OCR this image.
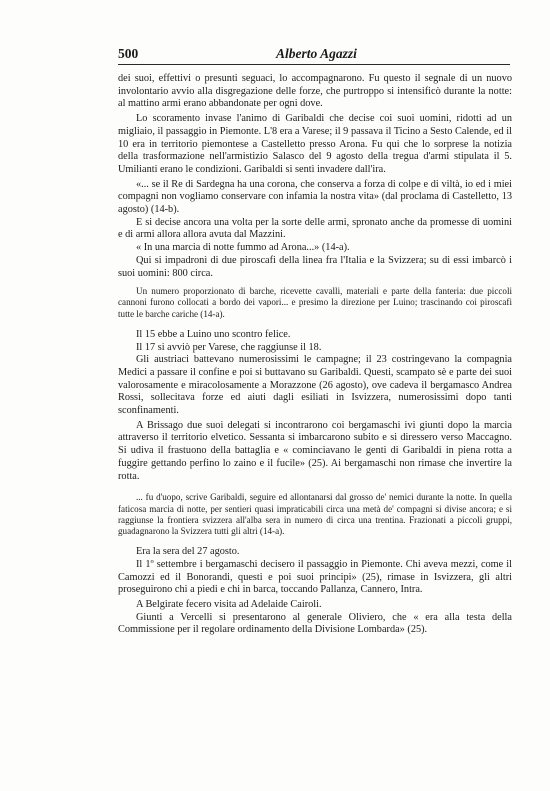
500	Alberto Agazzi

dei suoi, effettivi o presunti seguaci, lo accompagnarono. Fu questo il segnale di un nuovo involontario avvio alla disgregazione delle forze, che purtroppo si intensificò durante la notte: al mattino armi erano abbandonate per ogni dove.

Lo scoramento invase l'animo di Garibaldi che decise coi suoi uomini, ridotti ad un migliaio, il passaggio in Piemonte. L'8 era a Varese; il 9 passava il Ticino a Sesto Calende, ed il 10 era in territorio piemontese a Castelletto presso Arona. Fu qui che lo sorprese la notizia della trasformazione nell'armistizio Salasco del 9 agosto della tregua d'armi stipulata il 5. Umilianti erano le condizioni. Garibaldi si sentì invadere dall'ira.

«... se il Re di Sardegna ha una corona, che conserva a forza di colpe e di viltà, io ed i miei compagni non vogliamo conservare con infamia la nostra vita» (dal proclama di Castelletto, 13 agosto) (14-b).

E si decise ancora una volta per la sorte delle armi, spronato anche da promesse di uomini e di armi allora allora avuta dal Mazzini.

« In una marcia di notte fummo ad Arona...» (14-a).

Qui si impadronì di due piroscafi della linea fra l'Italia e la Svizzera; su di essi imbarcò i suoi uomini: 800 circa.

Un numero proporzionato di barche, ricevette cavalli, materiali e parte della fanteria: due piccoli cannoni furono collocati a bordo dei vapori... e presimo la direzione per Luino; trascinando coi piroscafi tutte le barche cariche (14-a).

Il 15 ebbe a Luino uno scontro felice.

Il 17 si avviò per Varese, che raggiunse il 18.

Gli austriaci battevano numerosissimi le campagne; il 23 costringevano la compagnia Medici a passare il confine e poi si buttavano su Garibaldi. Questi, scampato sè e parte dei suoi valorosamente e miracolosamente a Morazzone (26 agosto), ove cadeva il bergamasco Andrea Rossi, sollecitava forze ed aiuti dagli esiliati in Isvizzera, numerosissimi dopo tanti sconfinamenti.

A Brissago due suoi delegati si incontrarono coi bergamaschi ivi giunti dopo la marcia attraverso il territorio elvetico. Sessanta si imbarcarono subito e si diressero verso Maccagno. Si udiva il frastuono della battaglia e « cominciavano le genti di Garibaldi in piena rotta a fuggire gettando perfino lo zaino e il fucile» (25). Ai bergamaschi non rimase che invertire la rotta.

... fu d'uopo, scrive Garibaldi, seguire ed allontanarsi dal grosso de' nemici durante la notte. In quella faticosa marcia di notte, per sentieri quasi impraticabili circa una metà de' compagni si divise ancora; e si raggiunse la frontiera svizzera all'alba sera in numero di circa una trentina. Frazionati a piccoli gruppi, guadagnarono la Svizzera tutti gli altri (14-a).

Era la sera del 27 agosto.

Il 1º settembre i bergamaschi decisero il passaggio in Piemonte. Chi aveva mezzi, come il Camozzi ed il Bonorandi, questi e poi suoi principi» (25), rimase in Isvizzera, gli altri proseguirono chi a piedi e chi in barca, toccando Pallanza, Cannero, Intra.

A Belgirate fecero visita ad Adelaide Cairoli.

Giunti a Vercelli si presentarono al generale Oliviero, che « era alla testa della Commissione per il regolare ordinamento della Divisione Lombarda» (25).
